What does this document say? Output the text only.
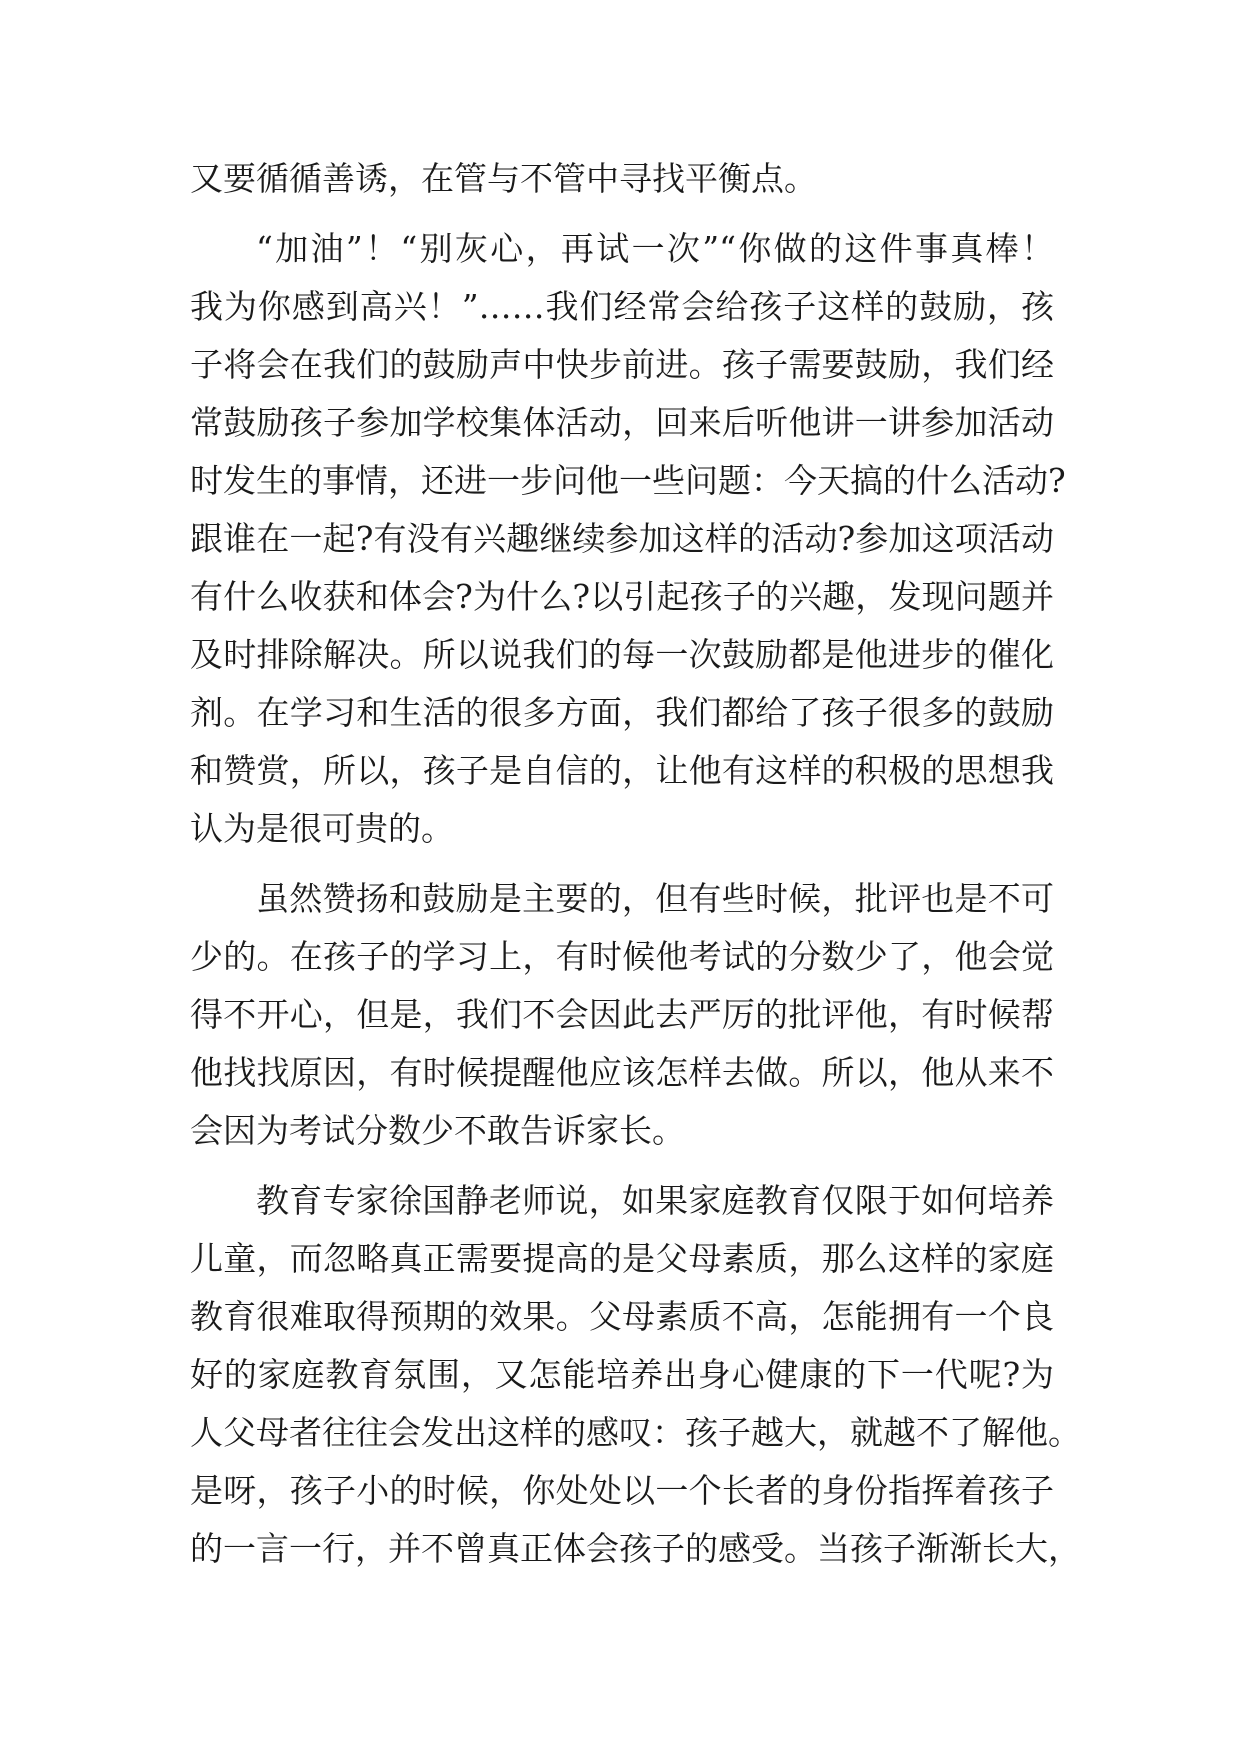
又要循循善诱，在管与不管中寻找平衡点。
“加油”！“别灰心，再试一次”“你做的这件事真棒！
我为你感到高兴！”……我们经常会给孩子这样的鼓励，孩
子将会在我们的鼓励声中快步前进。孩子需要鼓励，我们经
常鼓励孩子参加学校集体活动，回来后听他讲一讲参加活动
时发生的事情，还进一步问他一些问题：今天搞的什么活动?
跟谁在一起?有没有兴趣继续参加这样的活动?参加这项活动
有什么收获和体会?为什么?以引起孩子的兴趣，发现问题并
及时排除解决。所以说我们的每一次鼓励都是他进步的催化
剂。在学习和生活的很多方面，我们都给了孩子很多的鼓励
和赞赏，所以，孩子是自信的，让他有这样的积极的思想我
认为是很可贵的。
虽然赞扬和鼓励是主要的，但有些时候，批评也是不可
少的。在孩子的学习上，有时候他考试的分数少了，他会觉
得不开心，但是，我们不会因此去严厉的批评他，有时候帮
他找找原因，有时候提醒他应该怎样去做。所以，他从来不
会因为考试分数少不敢告诉家长。
教育专家徐国静老师说，如果家庭教育仅限于如何培养
儿童，而忽略真正需要提高的是父母素质，那么这样的家庭
教育很难取得预期的效果。父母素质不高，怎能拥有一个良
好的家庭教育氛围，又怎能培养出身心健康的下一代呢?为
人父母者往往会发出这样的感叹：孩子越大，就越不了解他。
是呀，孩子小的时候，你处处以一个长者的身份指挥着孩子
的一言一行，并不曾真正体会孩子的感受。当孩子渐渐长大，
